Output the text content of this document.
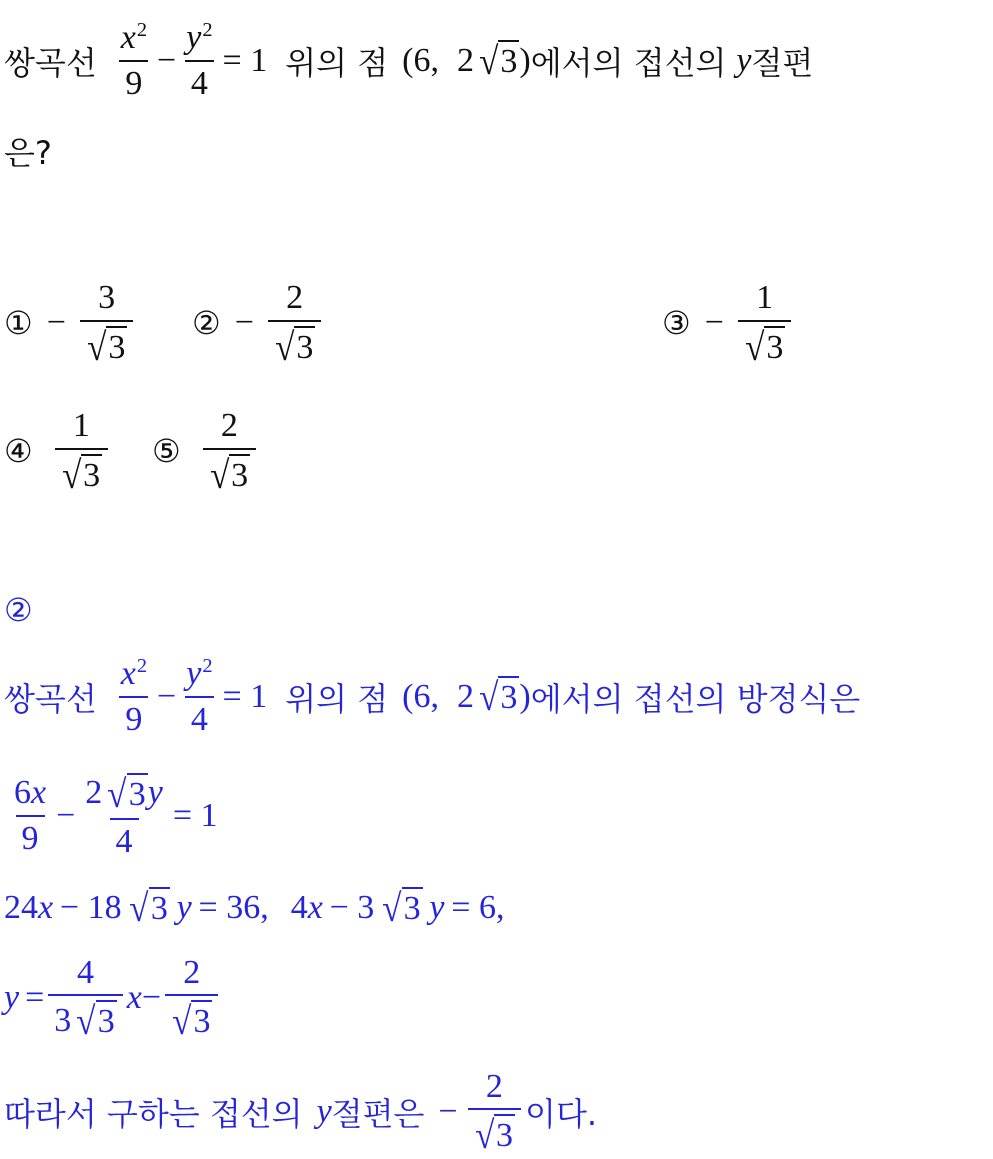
쌍곡선 $\frac{x 2}{9} - \frac{y 2}{4} = 1$ 위의 점 (6, 2 √ 3 ) 에서의 접선의 y 절편
은?
① − $\frac{3}{√ 3}$ ② − $\frac{2}{√ 3}$	③ − $\frac{1}{√ 3}$
④ $\frac{1}{√ 3}$ ⑤ $\frac{2}{√ 3}$
②
쌍곡선 $\frac{x 2}{9} - \frac{y 2}{4} = 1$ 위의 점 (6, 2 √ 3 ) 에서의 접선의 방정식은
$\frac{6 x}{9} - \frac{2 √ 3 y}{4} = 1$
24 x  − 18  √ 3  y  = 36, 4 x  − 3  √ 3  y  = 6,
$y = \frac{4}{3 √ 3}$ $x - \frac{2}{√ 3}$
따라서 구하는 접선의 y 절편은 − $\frac{2}{√ 3}$ 이다.
